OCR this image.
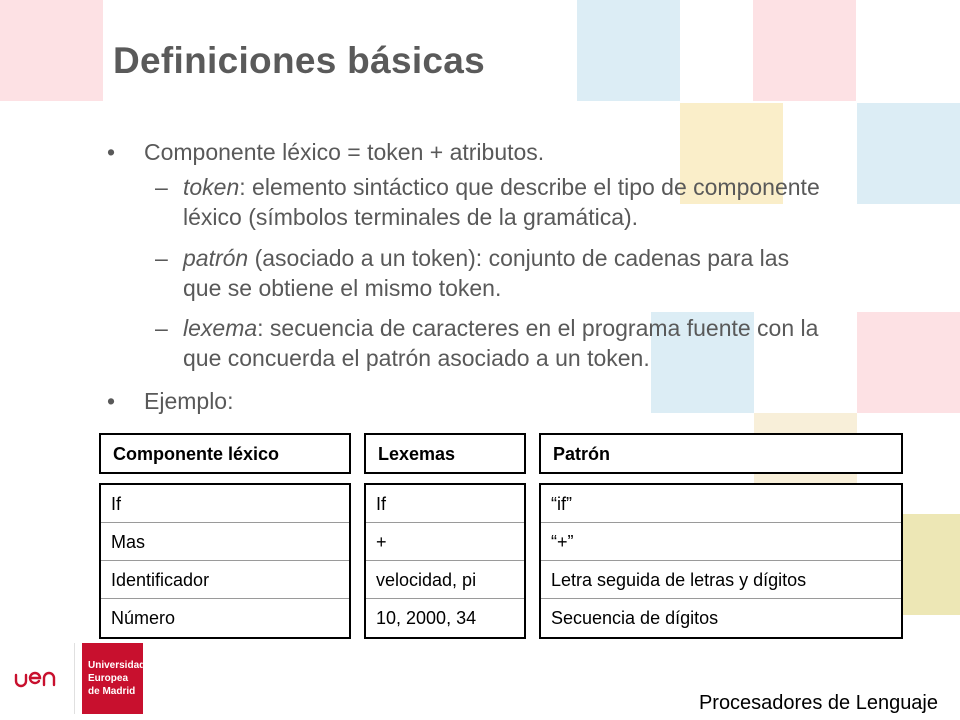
Definiciones básicas
• Componente léxico = token + atributos.
– token: elemento sintáctico que describe el tipo de componente
léxico (símbolos terminales de la gramática).
– patrón (asociado a un token): conjunto de cadenas para las
que se obtiene el mismo token.
– lexema: secuencia de caracteres en el programa fuente con la
que concuerda el patrón asociado a un token.
• Ejemplo:
Componente léxico	Lexemas	Patrón
If
Mas
Identificador
Número
If
+
velocidad, pi
10, 2000, 34
“if”
“+”
Letra seguida de letras y dígitos
Secuencia de dígitos
Universidad
Europea
de Madrid
Procesadores de Lenguaje
